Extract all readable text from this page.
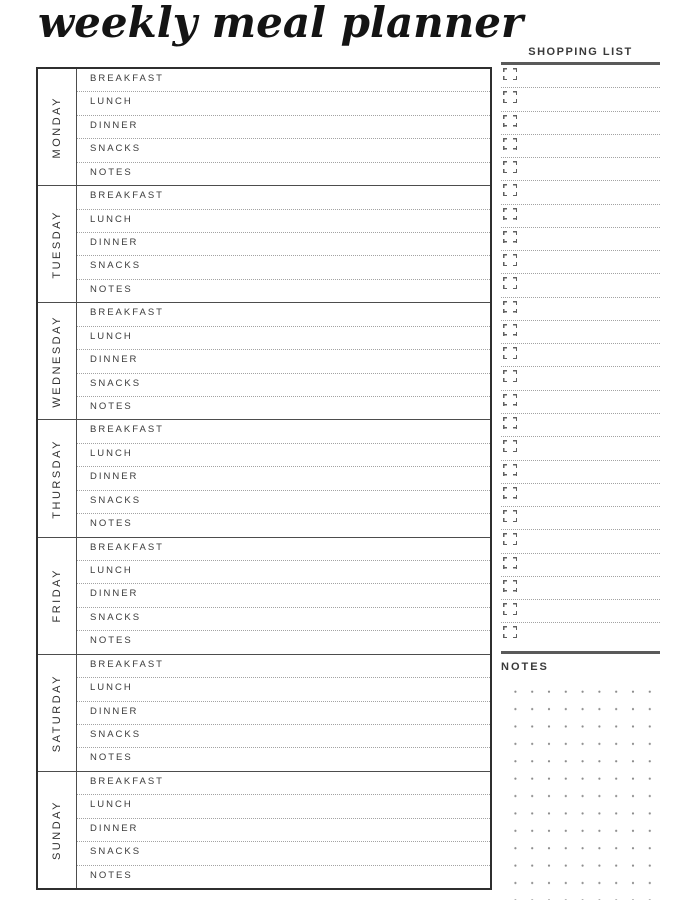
weekly meal planner
MONDAY
BREAKFAST
LUNCH
DINNER
SNACKS
NOTES
TUESDAY
BREAKFAST
LUNCH
DINNER
SNACKS
NOTES
WEDNESDAY
BREAKFAST
LUNCH
DINNER
SNACKS
NOTES
THURSDAY
BREAKFAST
LUNCH
DINNER
SNACKS
NOTES
FRIDAY
BREAKFAST
LUNCH
DINNER
SNACKS
NOTES
SATURDAY
BREAKFAST
LUNCH
DINNER
SNACKS
NOTES
SUNDAY
BREAKFAST
LUNCH
DINNER
SNACKS
NOTES
SHOPPING LIST
NOTES
